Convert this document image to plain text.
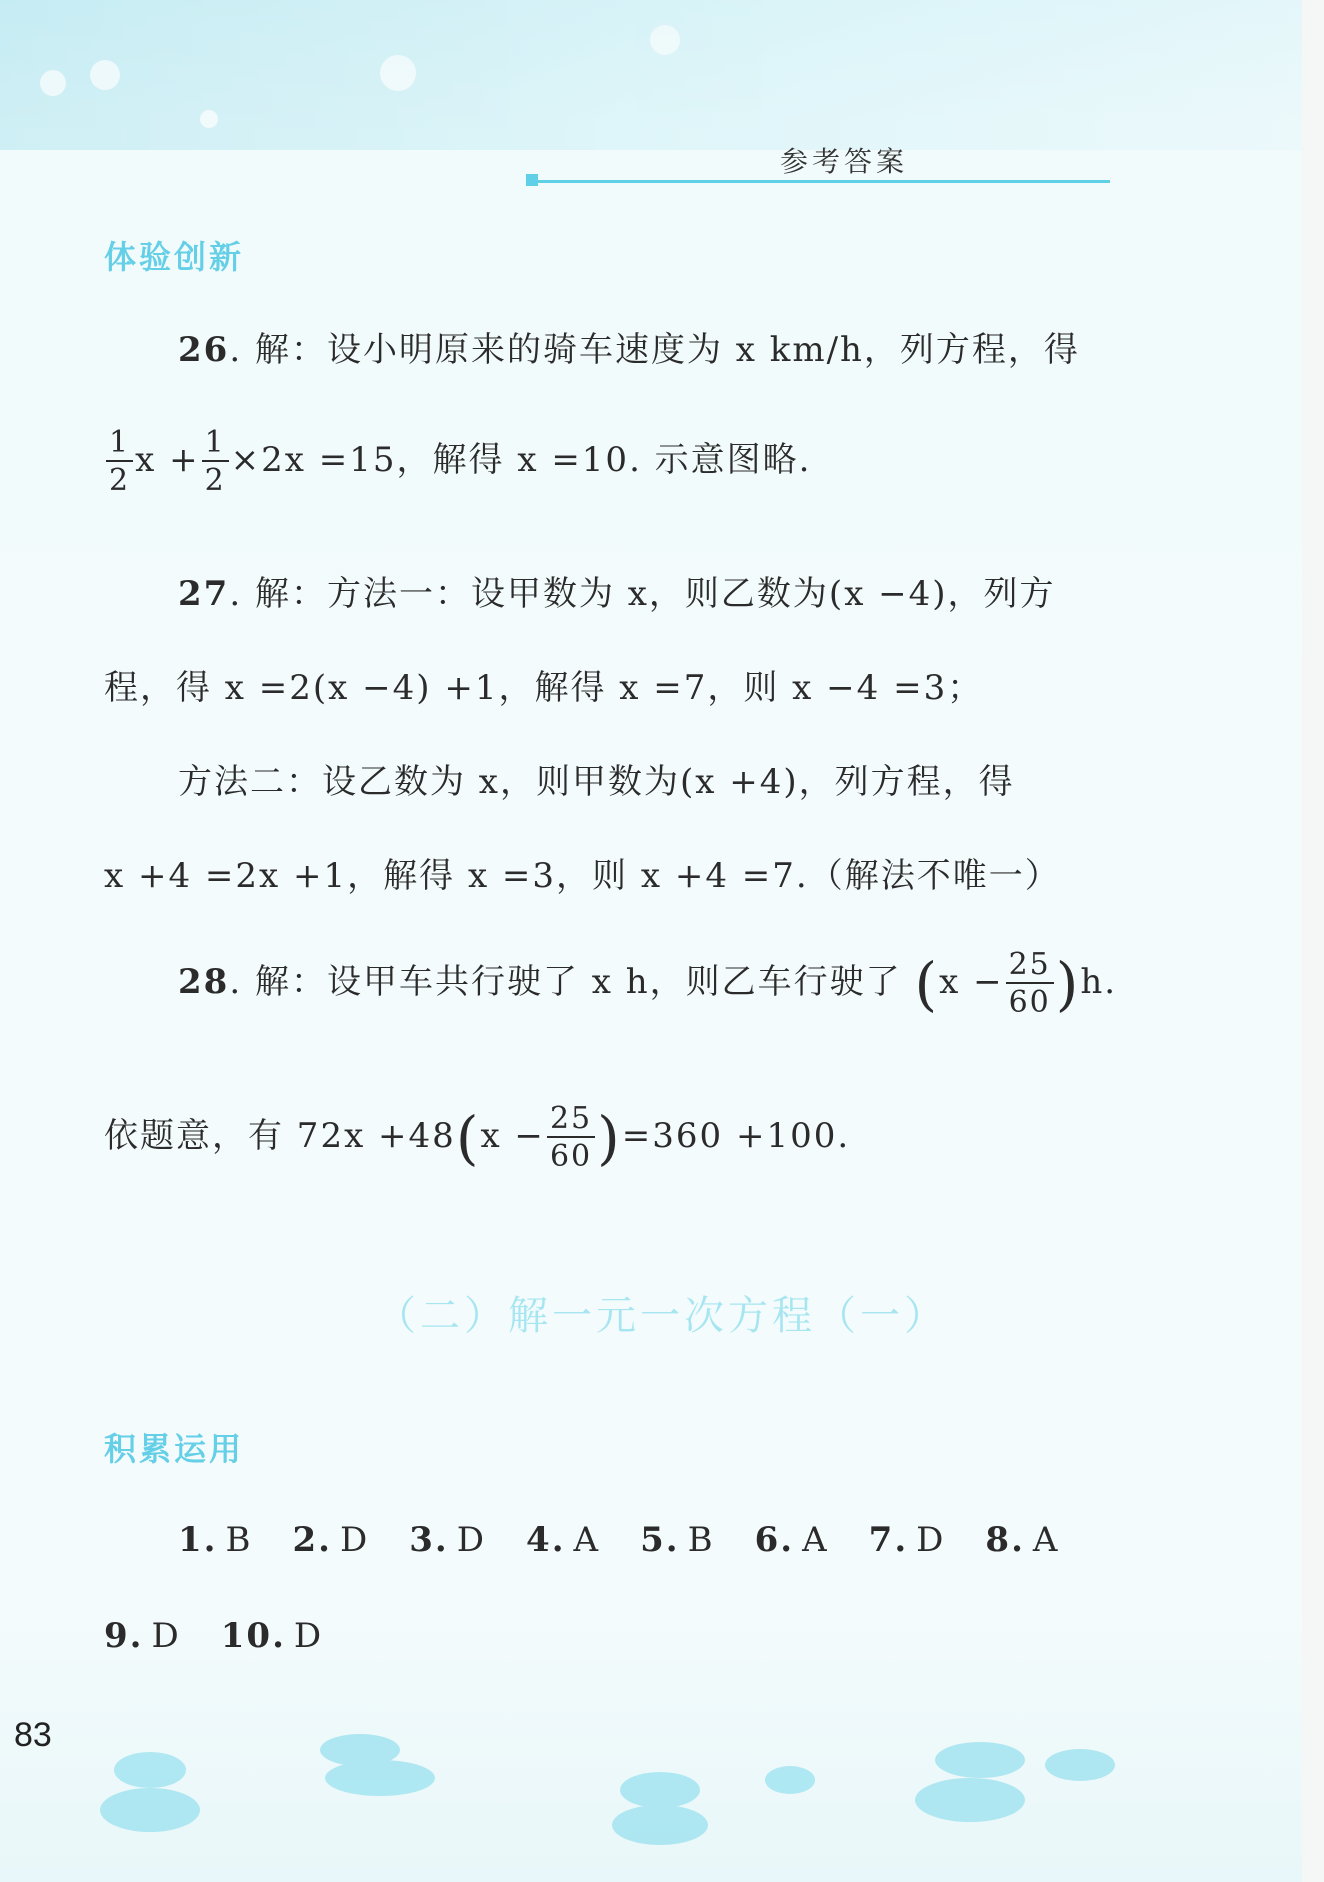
参考答案
体验创新
26. 解：设小明原来的骑车速度为 x km/h，列方程，得
$\frac{1}{2}$ $x + \frac{1}{2} \times 2x =15$，解得 x =10. 示意图略.
27. 解：方法一：设甲数为 x，则乙数为(x −4)，列方
程，得 x =2(x −4) +1，解得 x =7，则 x −4 =3；
方法二：设乙数为 x，则甲数为(x +4)，列方程，得
x +4 =2x +1，解得 x =3，则 x +4 =7.（解法不唯一）
28. 解：设甲车共行驶了 x h，则乙车行驶了 $(x - \frac{25}{60} )h$.
依题意，有 $72x +48(x - \frac{25}{60} )=360 +100$.
（二）解一元一次方程（一）
积累运用
1. B 2. D 3. D 4. A 5. B 6. A 7. D 8. A
9. D 10. D
83
